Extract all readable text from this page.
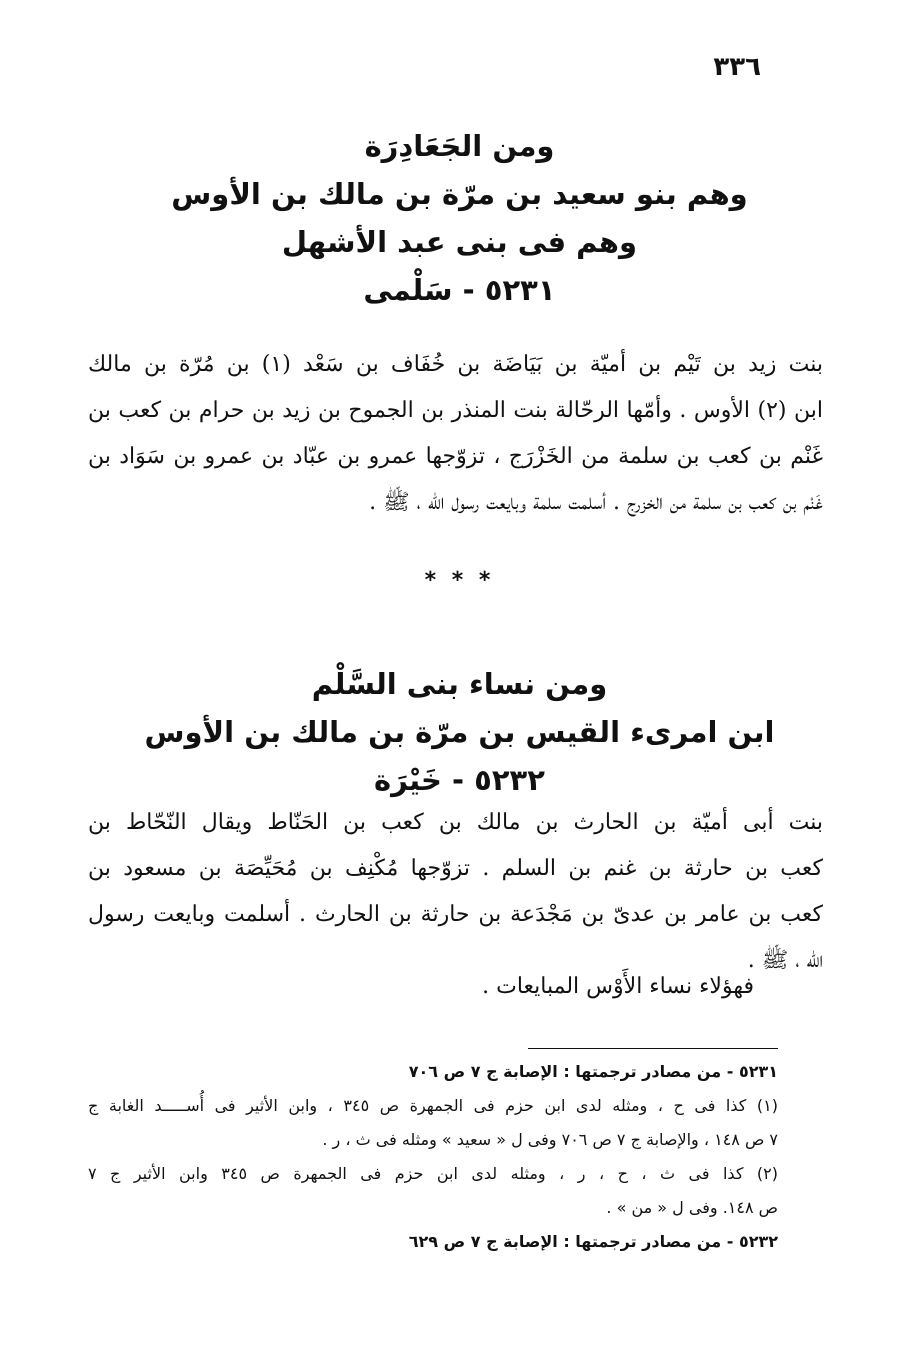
٣٣٦
ومن الجَعَادِرَة
وهم بنو سعيد بن مرّة بن مالك بن الأوس
وهم فى بنى عبد الأشهل
٥٢٣١ - سَلْمى
بنت زيد بن تَيْم بن أميّة بن بَيَاضَة بن خُفَاف بن سَعْد (١) بن مُرّة بن مالك
ابن (٢) الأوس . وأمّها الرحّالة بنت المنذر بن الجموح بن زيد بن حرام بن كعب بن
غَنْم بن كعب بن سلمة من الخَزْرَج ، تزوّجها عمرو بن عبّاد بن عمرو بن سَوَاد بن
غَنْم بن كعب بن سلمة من الخزرج . أسلمت سلمة وبايعت رسول الله ، ﷺ .
* * *
ومن نساء بنى السَّلْم
ابن امرىء القيس بن مرّة بن مالك بن الأوس
٥٢٣٢ - خَيْرَة
بنت أبى أميّة بن الحارث بن مالك بن كعب بن الحَنّاط ويقال النّحّاط بن
كعب بن حارثة بن غنم بن السلم . تزوّجها مُكْنِف بن مُحَيِّصَة بن مسعود بن
كعب بن عامر بن عدىّ بن مَجْدَعة بن حارثة بن الحارث . أسلمت وبايعت رسول
الله ، ﷺ .
فهؤلاء نساء الأَوْس المبايعات .
٥٢٣١ - من مصادر ترجمتها : الإصابة ج ٧ ص ٧٠٦
(١) كذا فى ح ، ومثله لدى ابن حزم فى الجمهرة ص ٣٤٥ ، وابن الأثير فى أُســـــد الغابة ج
٧ ص ١٤٨ ، والإصابة ج ٧ ص ٧٠٦ وفى ل « سعيد » ومثله فى ث ، ر .
(٢) كذا فى ث ، ح ، ر ، ومثله لدى ابن حزم فى الجمهرة ص ٣٤٥ وابن الأثير ج ٧
ص ١٤٨. وفى ل « من » .
٥٢٣٢ - من مصادر ترجمتها : الإصابة ج ٧ ص ٦٢٩
